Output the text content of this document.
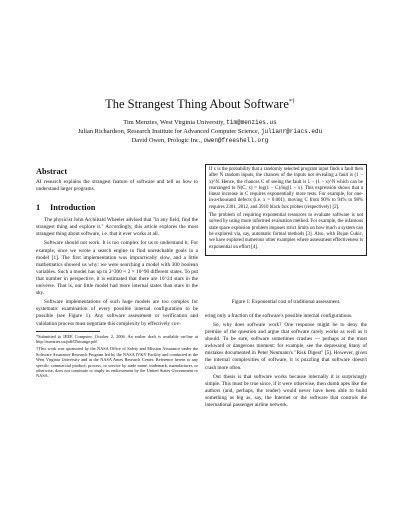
The Strangest Thing About Software*†
Tim Menzies, West Virginia University, tim@menzies.us
Julian Richardson, Research Institute for Advanced Computer Science, julianr@riacs.edu
David Owen, Prologic Inc., owen@freeshell.org
Abstract

AI research explains the strangest feature of software and tell us how to understand larger programs.

1 Introduction

The physicist John Archibald Wheeler advised that "in any field, find the strangest thing and explore it." Accordingly, this article explores the most strangest thing about software, i.e. that it ever works at all.

Software should not work. It is too complex for us to understand it. For example, once we wrote a search engine to find unreachable goals in a model [1]. The first implementation was impractically slow, and a little mathematics showed us why: we were searching a model with 300 boolean variables. Such a model has up to 2^300 ≈ 2 × 10^90 different states. To put that number in perspective, it is estimated that there are 10^24 stars in the universe. That is, our little model had more internal states than stars in the sky.

Software implementations of such huge models are too complex for systematic examination of every possible internal configuration to be possible (see Figure 1). Any software assessment or verification and validation process must negotiate this complexity by effectively cov-

*Submitted to IEEE Computer, October 2, 2006. An earlier draft is available on-line at http://menzies.us/pdf/05strange.pdf

†This work was sponsored by the NASA Office of Safety and Mission Assurance under the Software Assurance Research Program led by the NASA IV&V Facility and conducted at the West Virginia University and at the NASA Ames Research Center. Reference herein to any specific commercial product, process, or service by trade name, trademark, manufacturer, or otherwise, does not constitute or imply its endorsement by the United States Government or NASA.

If x is the probability that a randomly selected program input finds a fault then after N random inputs, the chances of the inputs not revealing a fault is (1 − x)^N. Hence, the chances C of seeing the fault is 1 − (1 − x)^N which can be rearranged to N(C, x) = log(1 − C)/log(1 − x). This expression shows that a linear increase in C requires exponentially more tests. For example, for one-in-a-thousand defects (i.e. x = 0.001), moving C from 90% to 94% to 98% requires 2301, 2812, and 3910 black box probes (respectively) [2].

The problem of requiring exponential resources to evaluate software is not solved by using more informed evaluation method. For example, the infamous state space explosion problem imposes strict limits on how much a system can be explored via, say, automatic formal methods [3]. Also, with Bojan Cukic, we have explored numerous other examples where assessment effectiveness is exponential on effort [4].

Figure 1: Exponential cost of traditional assessment.

ering only a fraction of the software's possible internal configurations.

So, why does software work? One response might be to deny the premise of the question and argue that software rarely works as well as it should. To be sure, software sometimes crashes — perhaps at the most awkward or dangerous moment: for example, see the depressing litany of mistakes documented in Peter Neumann's "Risk Digest" [5]. However, given the internal complexities of software, it is puzzling that software doesn't crash more often.

Our thesis is that software works because internally it is surprisingly simple. This must be true since, if it were otherwise, then dumb apes like the authors (and, perhaps, the reader) would never have been able to build something as big as, say, the Internet or the software that controls the international passenger airline network.
